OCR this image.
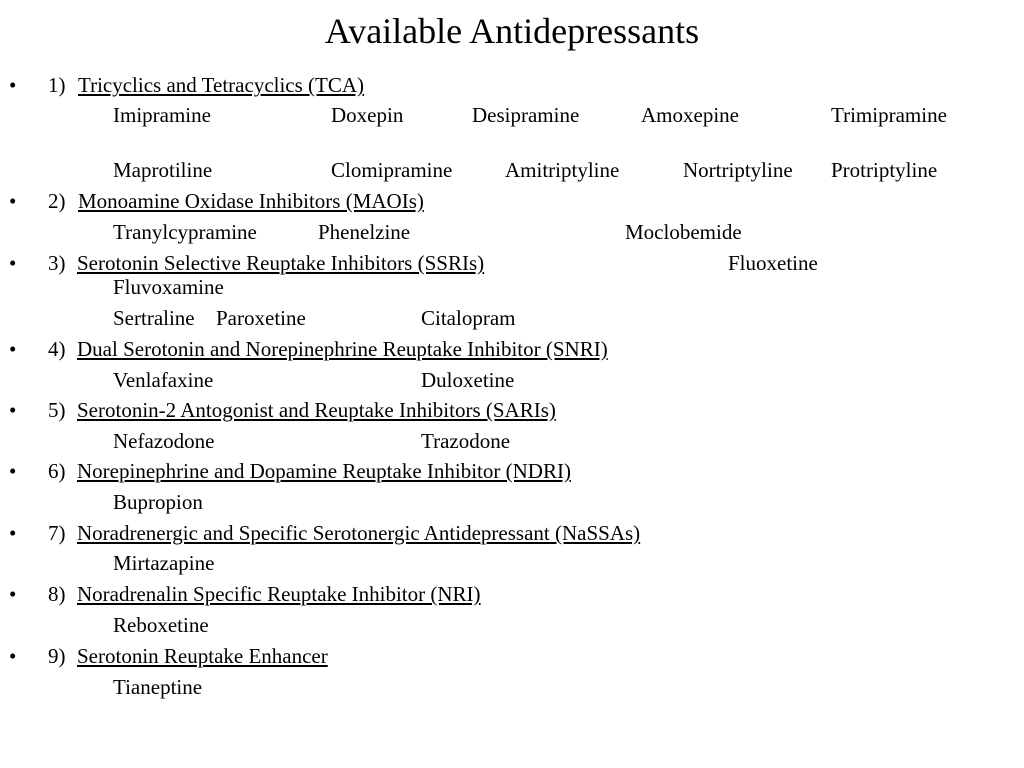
Available Antidepressants
• 1) Tricyclics and Tetracyclics (TCA)
Imipramine	Doxepin	Desipramine	Amoxepine	Trimipramine
Maprotiline	Clomipramine	Amitriptyline	Nortriptyline Protriptyline
• 2) Monoamine Oxidase Inhibitors (MAOIs)
Tranylcypramine	Phenelzine	Moclobemide
• 3) Serotonin Selective Reuptake Inhibitors (SSRIs)	Fluoxetine
Fluvoxamine
Sertraline Paroxetine	Citalopram
• 4) Dual Serotonin and Norepinephrine Reuptake Inhibitor (SNRI)
Venlafaxine	Duloxetine
• 5) Serotonin-2 Antogonist and Reuptake Inhibitors (SARIs)
Nefazodone	Trazodone
• 6) Norepinephrine and Dopamine Reuptake Inhibitor (NDRI)
Bupropion
• 7) Noradrenergic and Specific Serotonergic Antidepressant (NaSSAs)
Mirtazapine
• 8) Noradrenalin Specific Reuptake Inhibitor (NRI)
Reboxetine
• 9) Serotonin Reuptake Enhancer
Tianeptine
